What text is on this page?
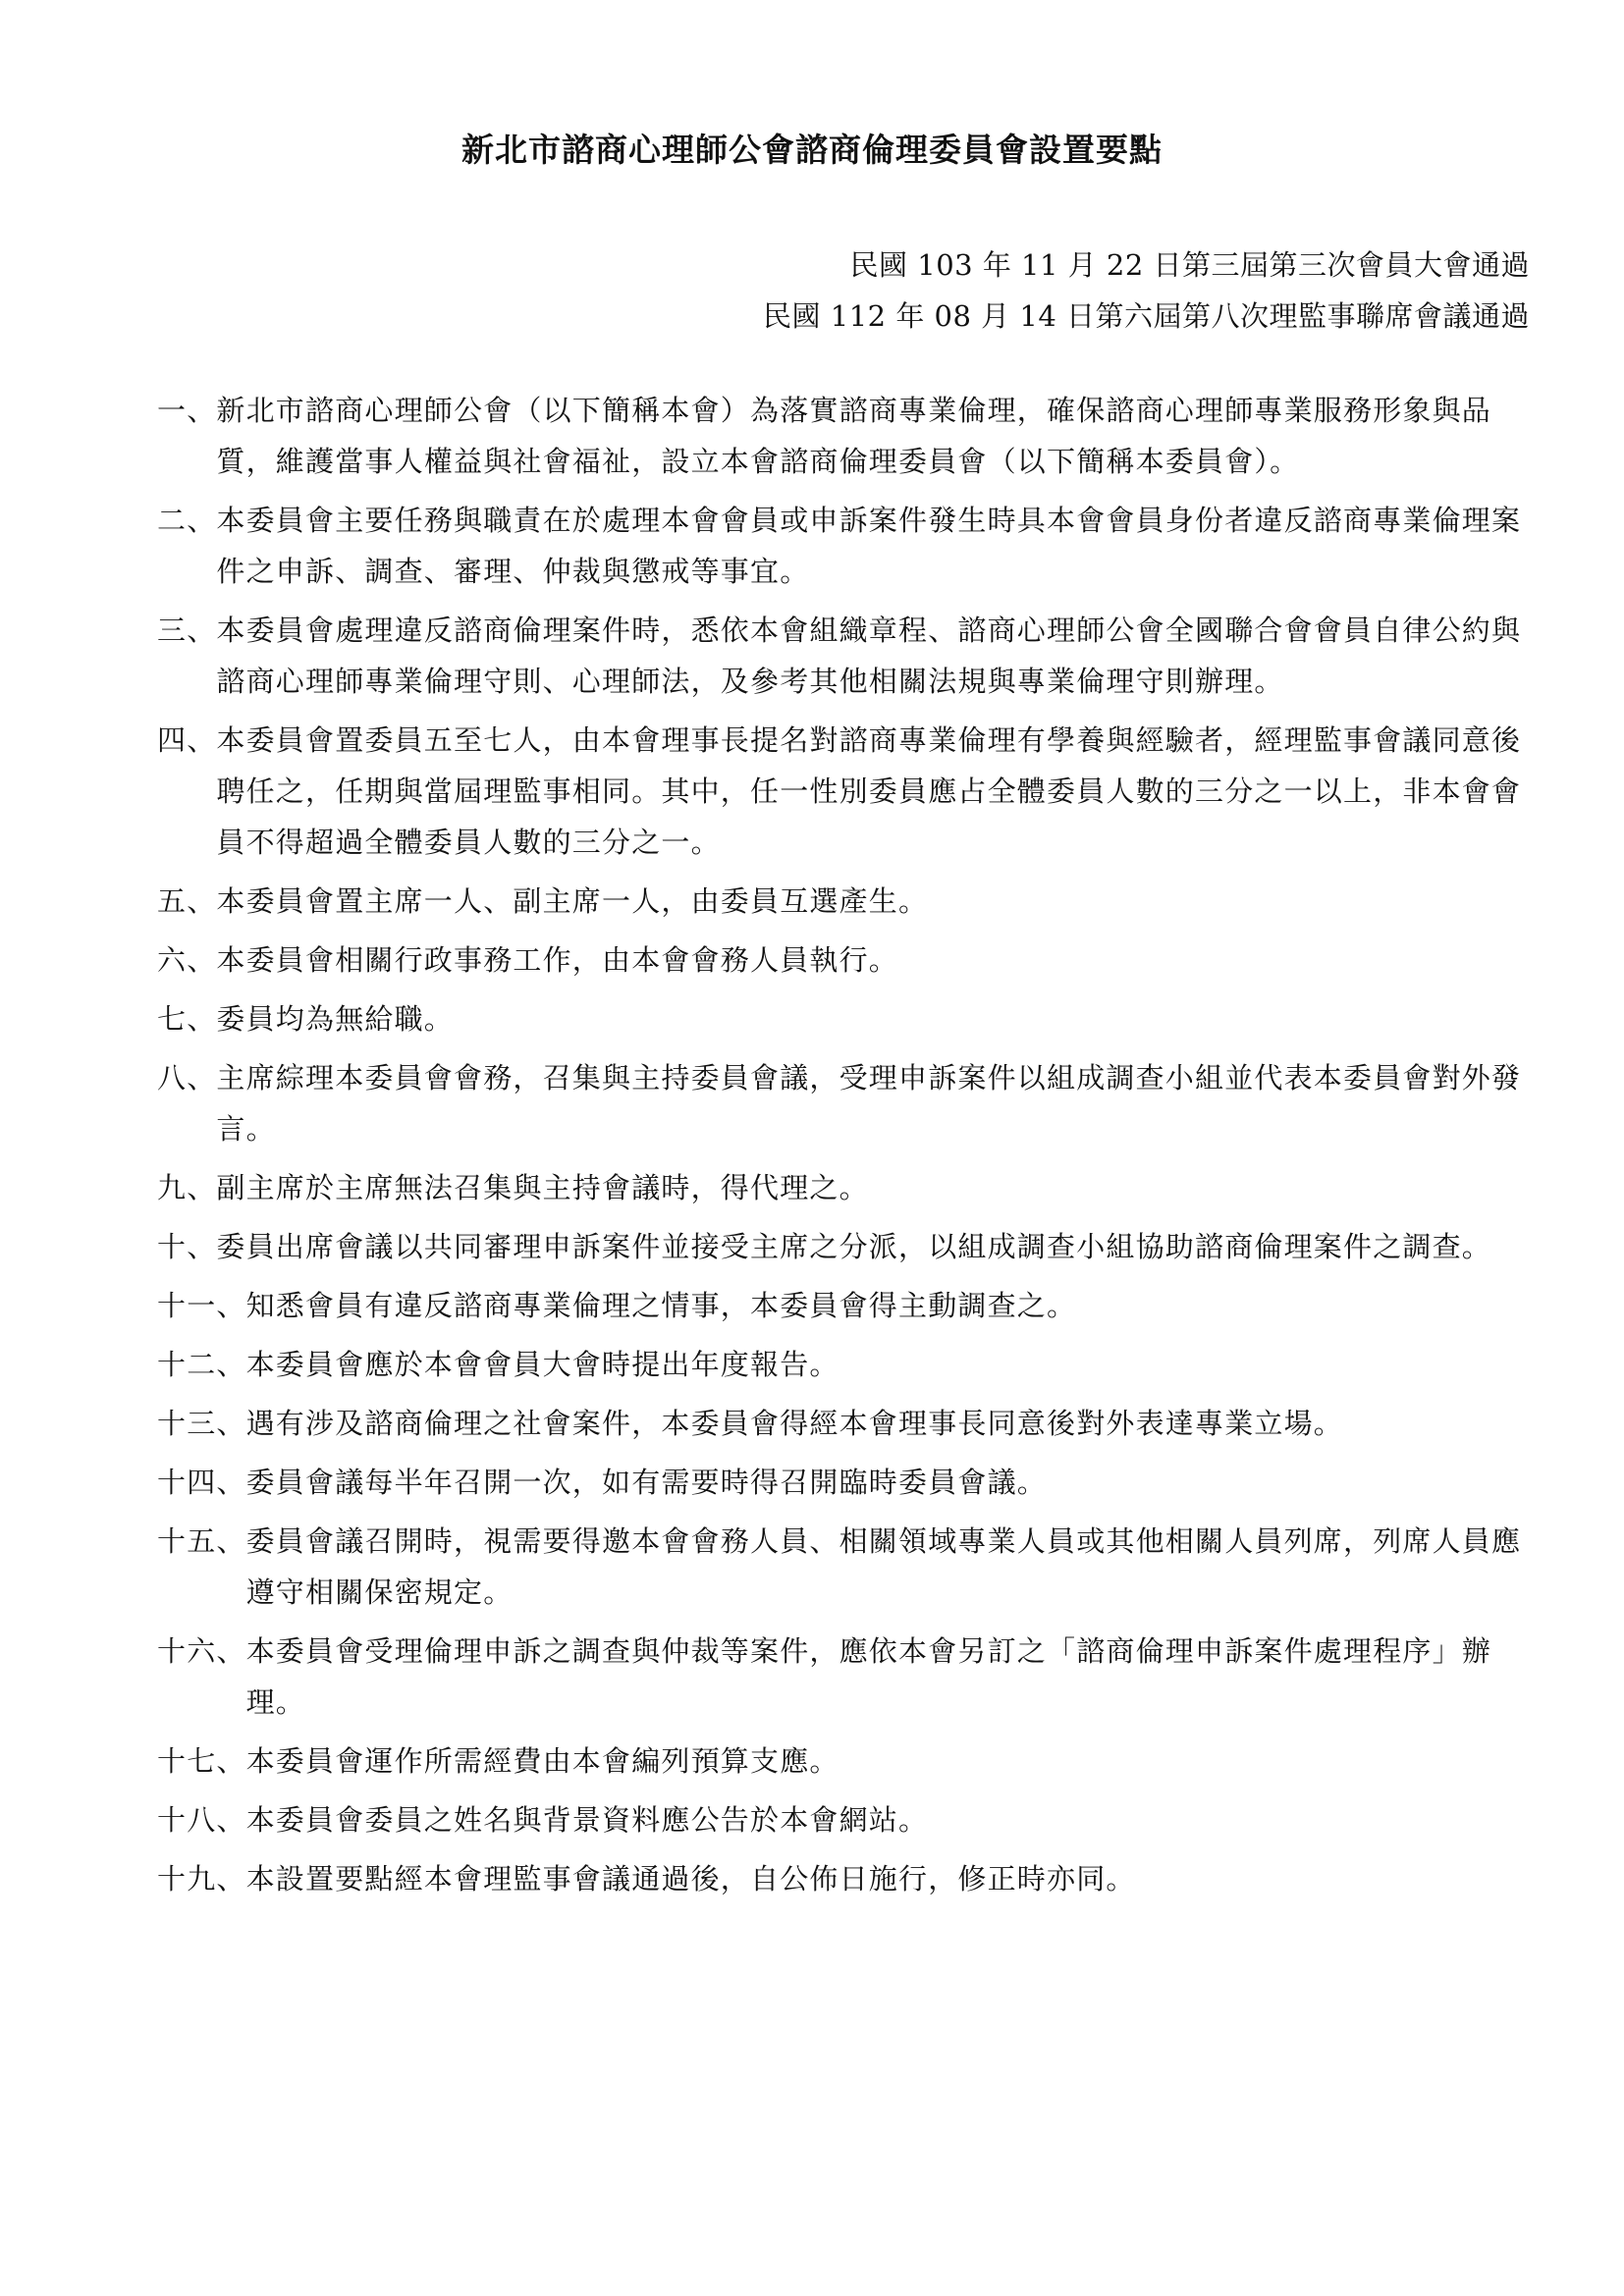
新北市諮商心理師公會諮商倫理委員會設置要點
民國 103 年 11 月 22 日第三屆第三次會員大會通過
民國 112 年 08 月 14 日第六屆第八次理監事聯席會議通過
一、 新北市諮商心理師公會（以下簡稱本會）為落實諮商專業倫理，確保諮商心理師專業服務形象與品質，維護當事人權益與社會福祉，設立本會諮商倫理委員會（以下簡稱本委員會）。
二、 本委員會主要任務與職責在於處理本會會員或申訴案件發生時具本會會員身份者違反諮商專業倫理案件之申訴、調查、審理、仲裁與懲戒等事宜。
三、 本委員會處理違反諮商倫理案件時，悉依本會組織章程、諮商心理師公會全國聯合會會員自律公約與諮商心理師專業倫理守則、心理師法，及參考其他相關法規與專業倫理守則辦理。
四、 本委員會置委員五至七人，由本會理事長提名對諮商專業倫理有學養與經驗者，經理監事會議同意後聘任之，任期與當屆理監事相同。其中，任一性別委員應占全體委員人數的三分之一以上，非本會會員不得超過全體委員人數的三分之一。
五、 本委員會置主席一人、副主席一人，由委員互選產生。
六、 本委員會相關行政事務工作，由本會會務人員執行。
七、 委員均為無給職。
八、 主席綜理本委員會會務，召集與主持委員會議，受理申訴案件以組成調查小組並代表本委員會對外發言。
九、 副主席於主席無法召集與主持會議時，得代理之。
十、 委員出席會議以共同審理申訴案件並接受主席之分派，以組成調查小組協助諮商倫理案件之調查。
十一、 知悉會員有違反諮商專業倫理之情事，本委員會得主動調查之。
十二、 本委員會應於本會會員大會時提出年度報告。
十三、 遇有涉及諮商倫理之社會案件，本委員會得經本會理事長同意後對外表達專業立場。
十四、 委員會議每半年召開一次，如有需要時得召開臨時委員會議。
十五、 委員會議召開時，視需要得邀本會會務人員、相關領域專業人員或其他相關人員列席，列席人員應遵守相關保密規定。
十六、 本委員會受理倫理申訴之調查與仲裁等案件，應依本會另訂之「諮商倫理申訴案件處理程序」辦理。
十七、 本委員會運作所需經費由本會編列預算支應。
十八、 本委員會委員之姓名與背景資料應公告於本會網站。
十九、 本設置要點經本會理監事會議通過後，自公佈日施行，修正時亦同。
